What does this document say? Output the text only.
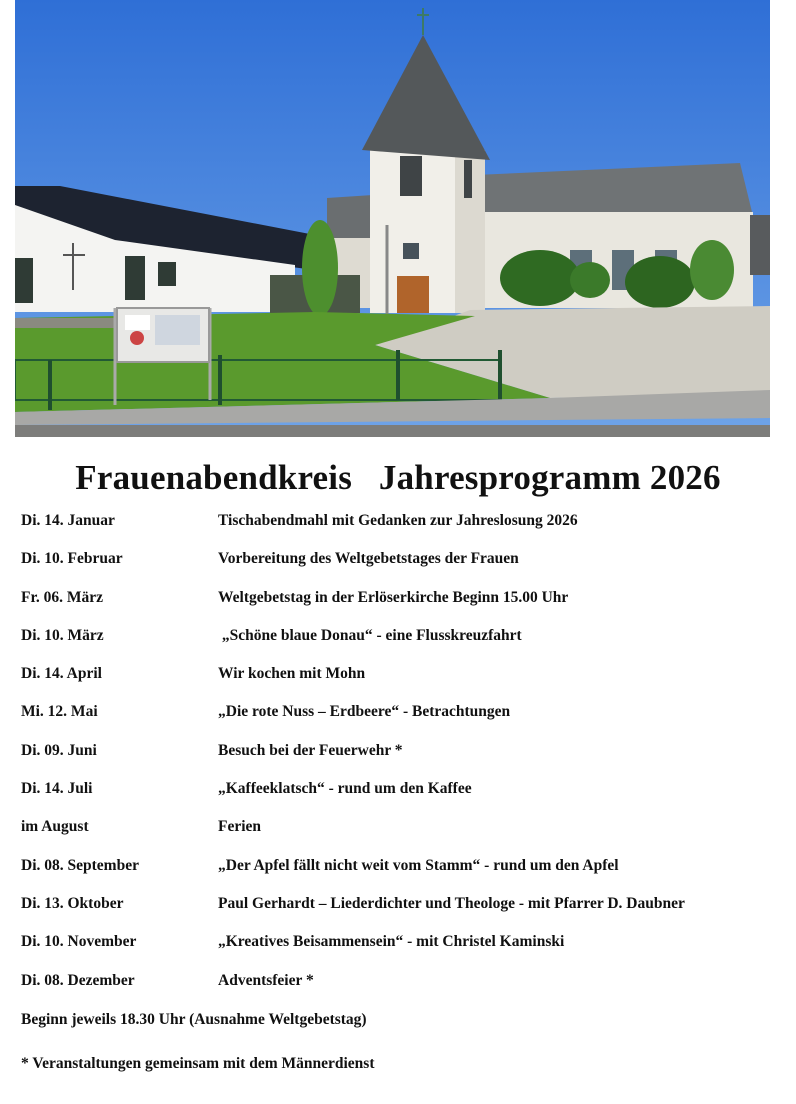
Frauenabendkreis Jahresprogramm 2026
Di. 14. Januar	Tischabendmahl mit Gedanken zur Jahreslosung 2026
Di. 10. Februar	Vorbereitung des Weltgebetstages der Frauen
Fr. 06. März	Weltgebetstag in der Erlöserkirche Beginn 15.00 Uhr
Di. 10. März	„Schöne blaue Donau“ - eine Flusskreuzfahrt
Di. 14. April	Wir kochen mit Mohn
Mi. 12. Mai	„Die rote Nuss – Erdbeere“ - Betrachtungen
Di. 09. Juni	Besuch bei der Feuerwehr *
Di. 14. Juli	„Kaffeeklatsch“ - rund um den Kaffee
im August	Ferien
Di. 08. September	„Der Apfel fällt nicht weit vom Stamm“ - rund um den Apfel
Di. 13. Oktober	Paul Gerhardt – Liederdichter und Theologe - mit Pfarrer D. Daubner
Di. 10. November	„Kreatives Beisammensein“ - mit Christel Kaminski
Di. 08. Dezember	Adventsfeier *
Beginn jeweils 18.30 Uhr (Ausnahme Weltgebetstag)
* Veranstaltungen gemeinsam mit dem Männerdienst
